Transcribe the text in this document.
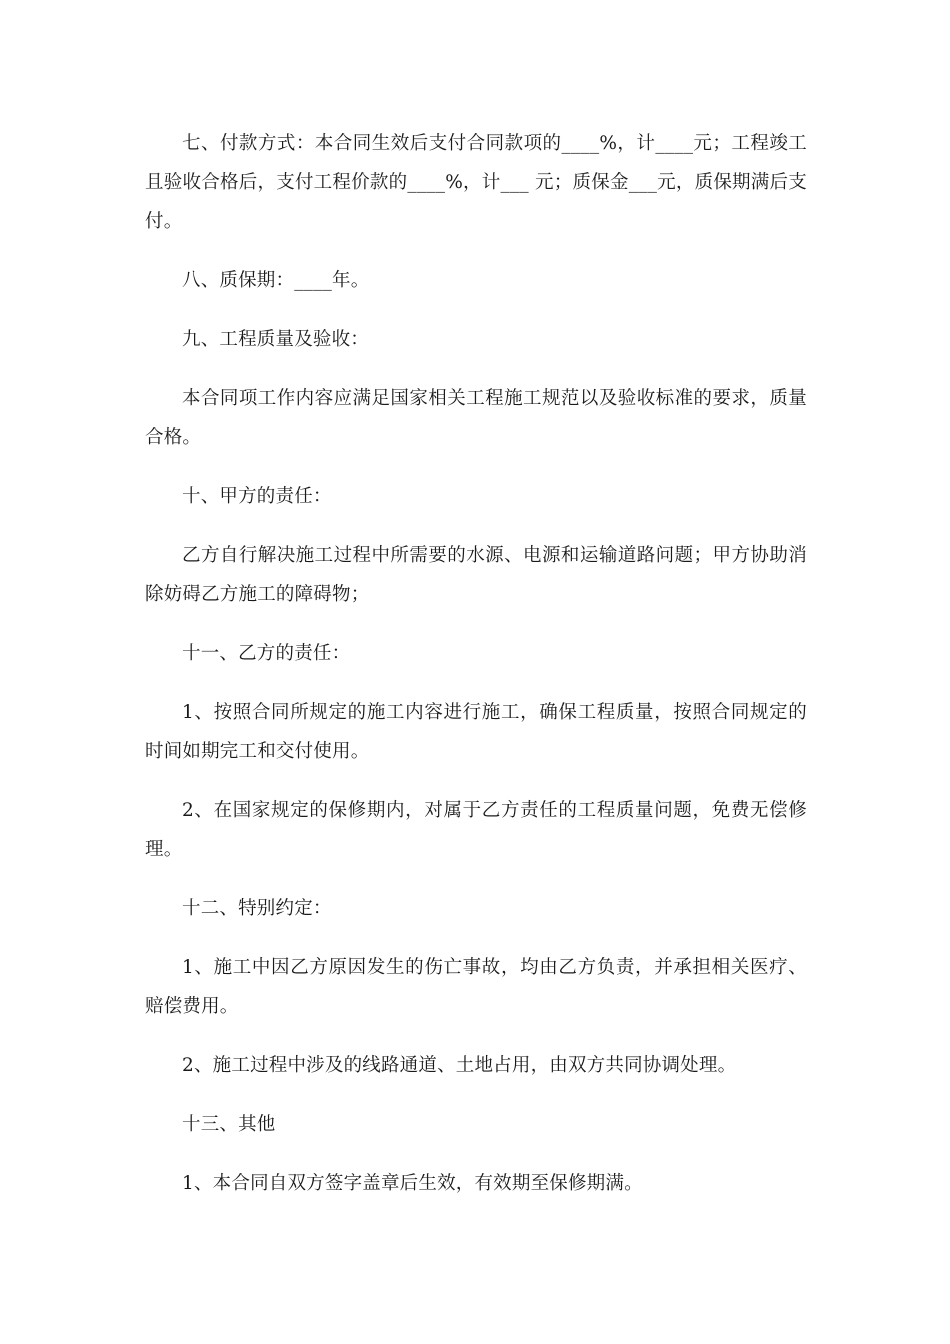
七、付款方式：本合同生效后支付合同款项的____%，计____元；工程竣工且验收合格后，支付工程价款的____%，计___ 元；质保金___元，质保期满后支付。

八、质保期：____年。

九、工程质量及验收：

本合同项工作内容应满足国家相关工程施工规范以及验收标准的要求，质量合格。

十、甲方的责任：

乙方自行解决施工过程中所需要的水源、电源和运输道路问题；甲方协助消除妨碍乙方施工的障碍物；

十一、乙方的责任：

1、按照合同所规定的施工内容进行施工，确保工程质量，按照合同规定的时间如期完工和交付使用。

2、在国家规定的保修期内，对属于乙方责任的工程质量问题，免费无偿修理。

十二、特别约定：

1、施工中因乙方原因发生的伤亡事故，均由乙方负责，并承担相关医疗、赔偿费用。

2、施工过程中涉及的线路通道、土地占用，由双方共同协调处理。

十三、其他

1、本合同自双方签字盖章后生效，有效期至保修期满。
